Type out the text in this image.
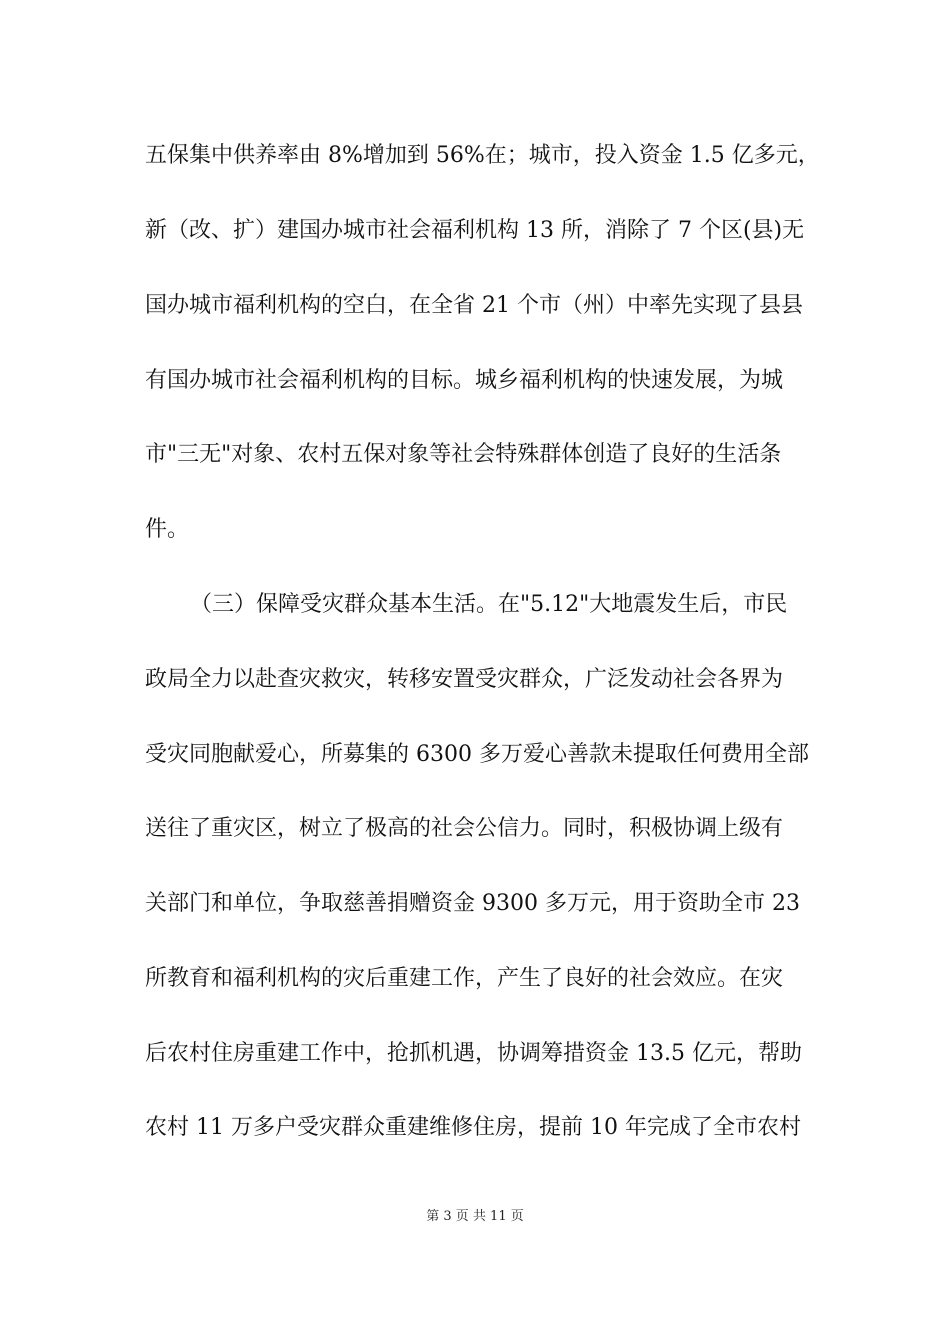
五保集中供养率由 8%增加到 56%在；城市，投入资金 1.5 亿多元，
新（改、扩）建国办城市社会福利机构 13 所，消除了 7 个区(县)无
国办城市福利机构的空白，在全省 21 个市（州）中率先实现了县县
有国办城市社会福利机构的目标。城乡福利机构的快速发展，为城
市"三无"对象、农村五保对象等社会特殊群体创造了良好的生活条
件。
（三）保障受灾群众基本生活。在"5.12"大地震发生后，市民
政局全力以赴查灾救灾，转移安置受灾群众，广泛发动社会各界为
受灾同胞献爱心，所募集的 6300 多万爱心善款未提取任何费用全部
送往了重灾区，树立了极高的社会公信力。同时，积极协调上级有
关部门和单位，争取慈善捐赠资金 9300 多万元，用于资助全市 23
所教育和福利机构的灾后重建工作，产生了良好的社会效应。在灾
后农村住房重建工作中，抢抓机遇，协调筹措资金 13.5 亿元，帮助
农村 11 万多户受灾群众重建维修住房，提前 10 年完成了全市农村
第 3 页 共 11 页
